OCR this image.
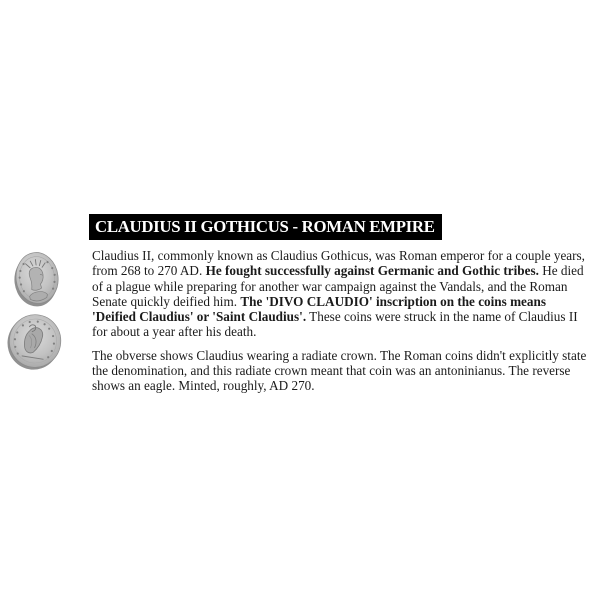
CLAUDIUS II GOTHICUS - ROMAN EMPIRE

Claudius II, commonly known as Claudius Gothicus, was Roman emperor for a couple years, from 268 to 270 AD. He fought successfully against Germanic and Gothic tribes. He died of a plague while preparing for another war campaign against the Vandals, and the Roman Senate quickly deified him. The 'DIVO CLAUDIO' inscription on the coins means 'Deified Claudius' or 'Saint Claudius'. These coins were struck in the name of Claudius II for about a year after his death.

The obverse shows Claudius wearing a radiate crown. The Roman coins didn't explicitly state the denomination, and this radiate crown meant that coin was an antoninianus. The reverse shows an eagle. Minted, roughly, AD 270.
